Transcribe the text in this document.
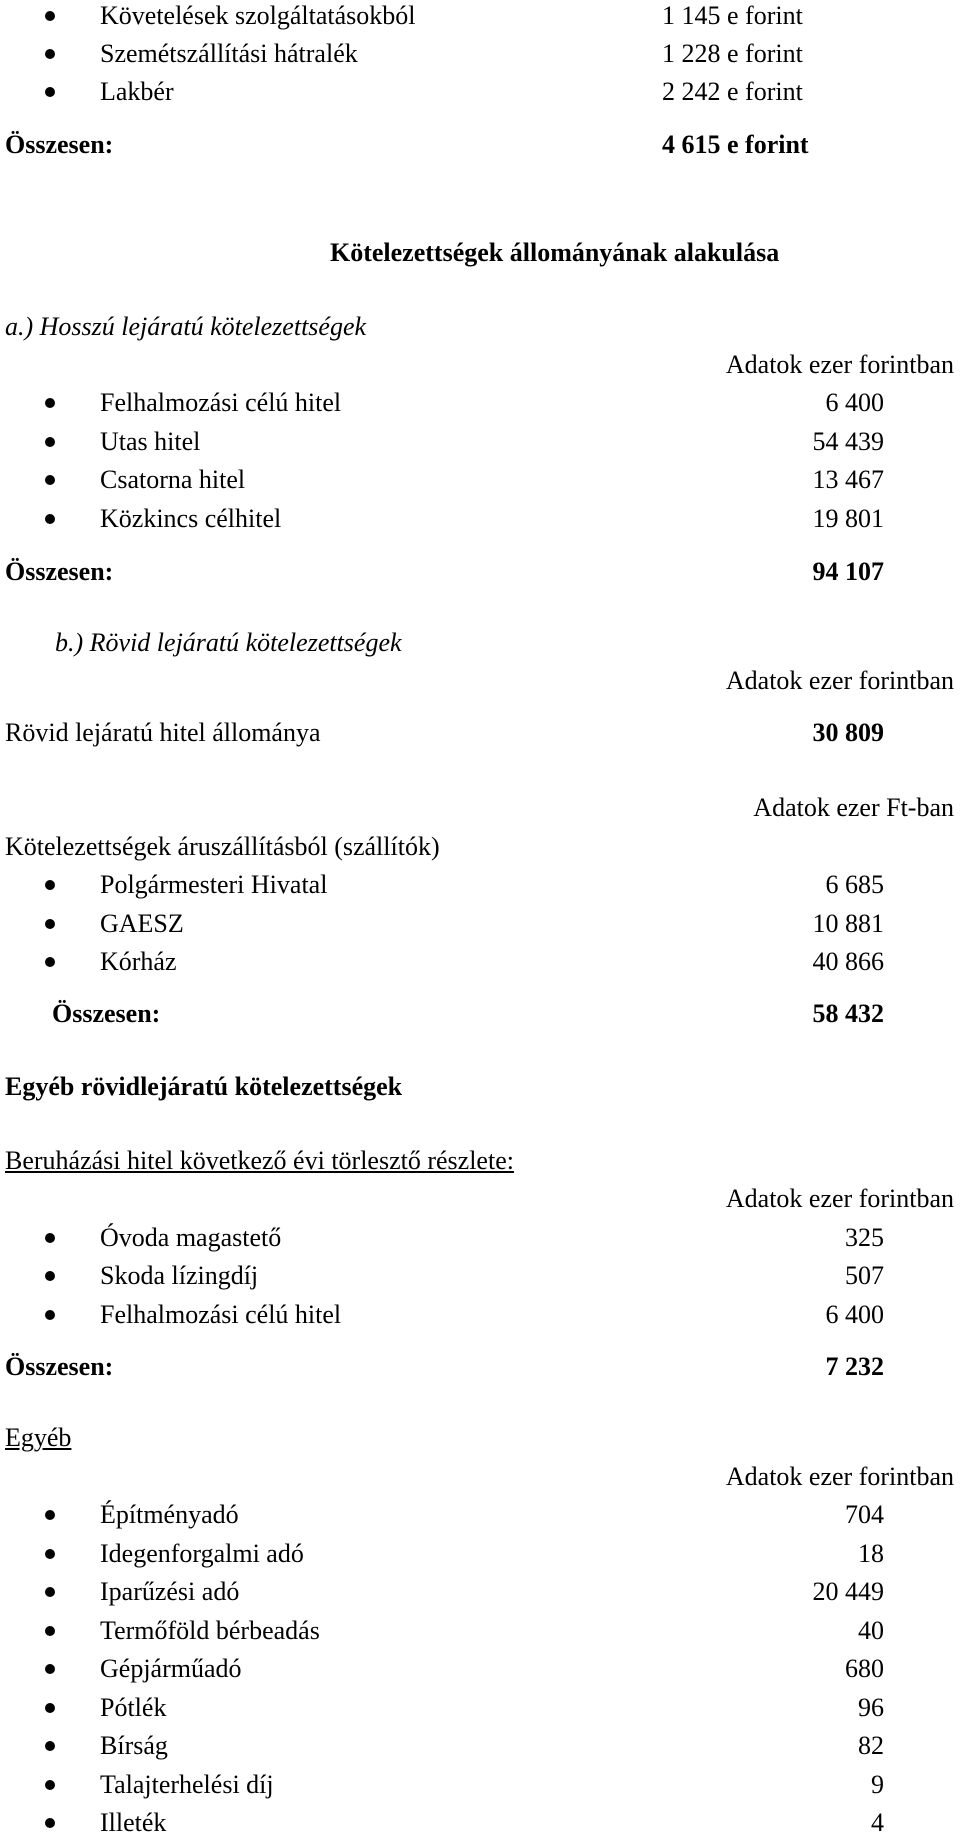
Követelések szolgáltatásokból	1 145 e forint
Szemétszállítási hátralék	1 228 e forint
Lakbér	2 242 e forint
Összesen:	4 615 e forint
Kötelezettségek állományának alakulása
a.) Hosszú lejáratú kötelezettségek
Adatok ezer forintban
Felhalmozási célú hitel	6 400
Utas hitel	54 439
Csatorna hitel	13 467
Közkincs célhitel	19 801
Összesen:	94 107
b.) Rövid lejáratú kötelezettségek
Adatok ezer forintban
Rövid lejáratú hitel állománya	30 809
Adatok ezer Ft-ban
Kötelezettségek áruszállításból (szállítók)
Polgármesteri Hivatal	6 685
GAESZ	10 881
Kórház	40 866
Összesen:	58 432
Egyéb rövidlejáratú kötelezettségek
Beruházási hitel következő évi törlesztő részlete:
Adatok ezer forintban
Óvoda magastető	325
Skoda lízingdíj	507
Felhalmozási célú hitel	6 400
Összesen:	7 232
Egyéb
Adatok ezer forintban
Építményadó	704
Idegenforgalmi adó	18
Iparűzési adó	20 449
Termőföld bérbeadás	40
Gépjárműadó	680
Pótlék	96
Bírság	82
Talajterhelési díj	9
Illeték	4
